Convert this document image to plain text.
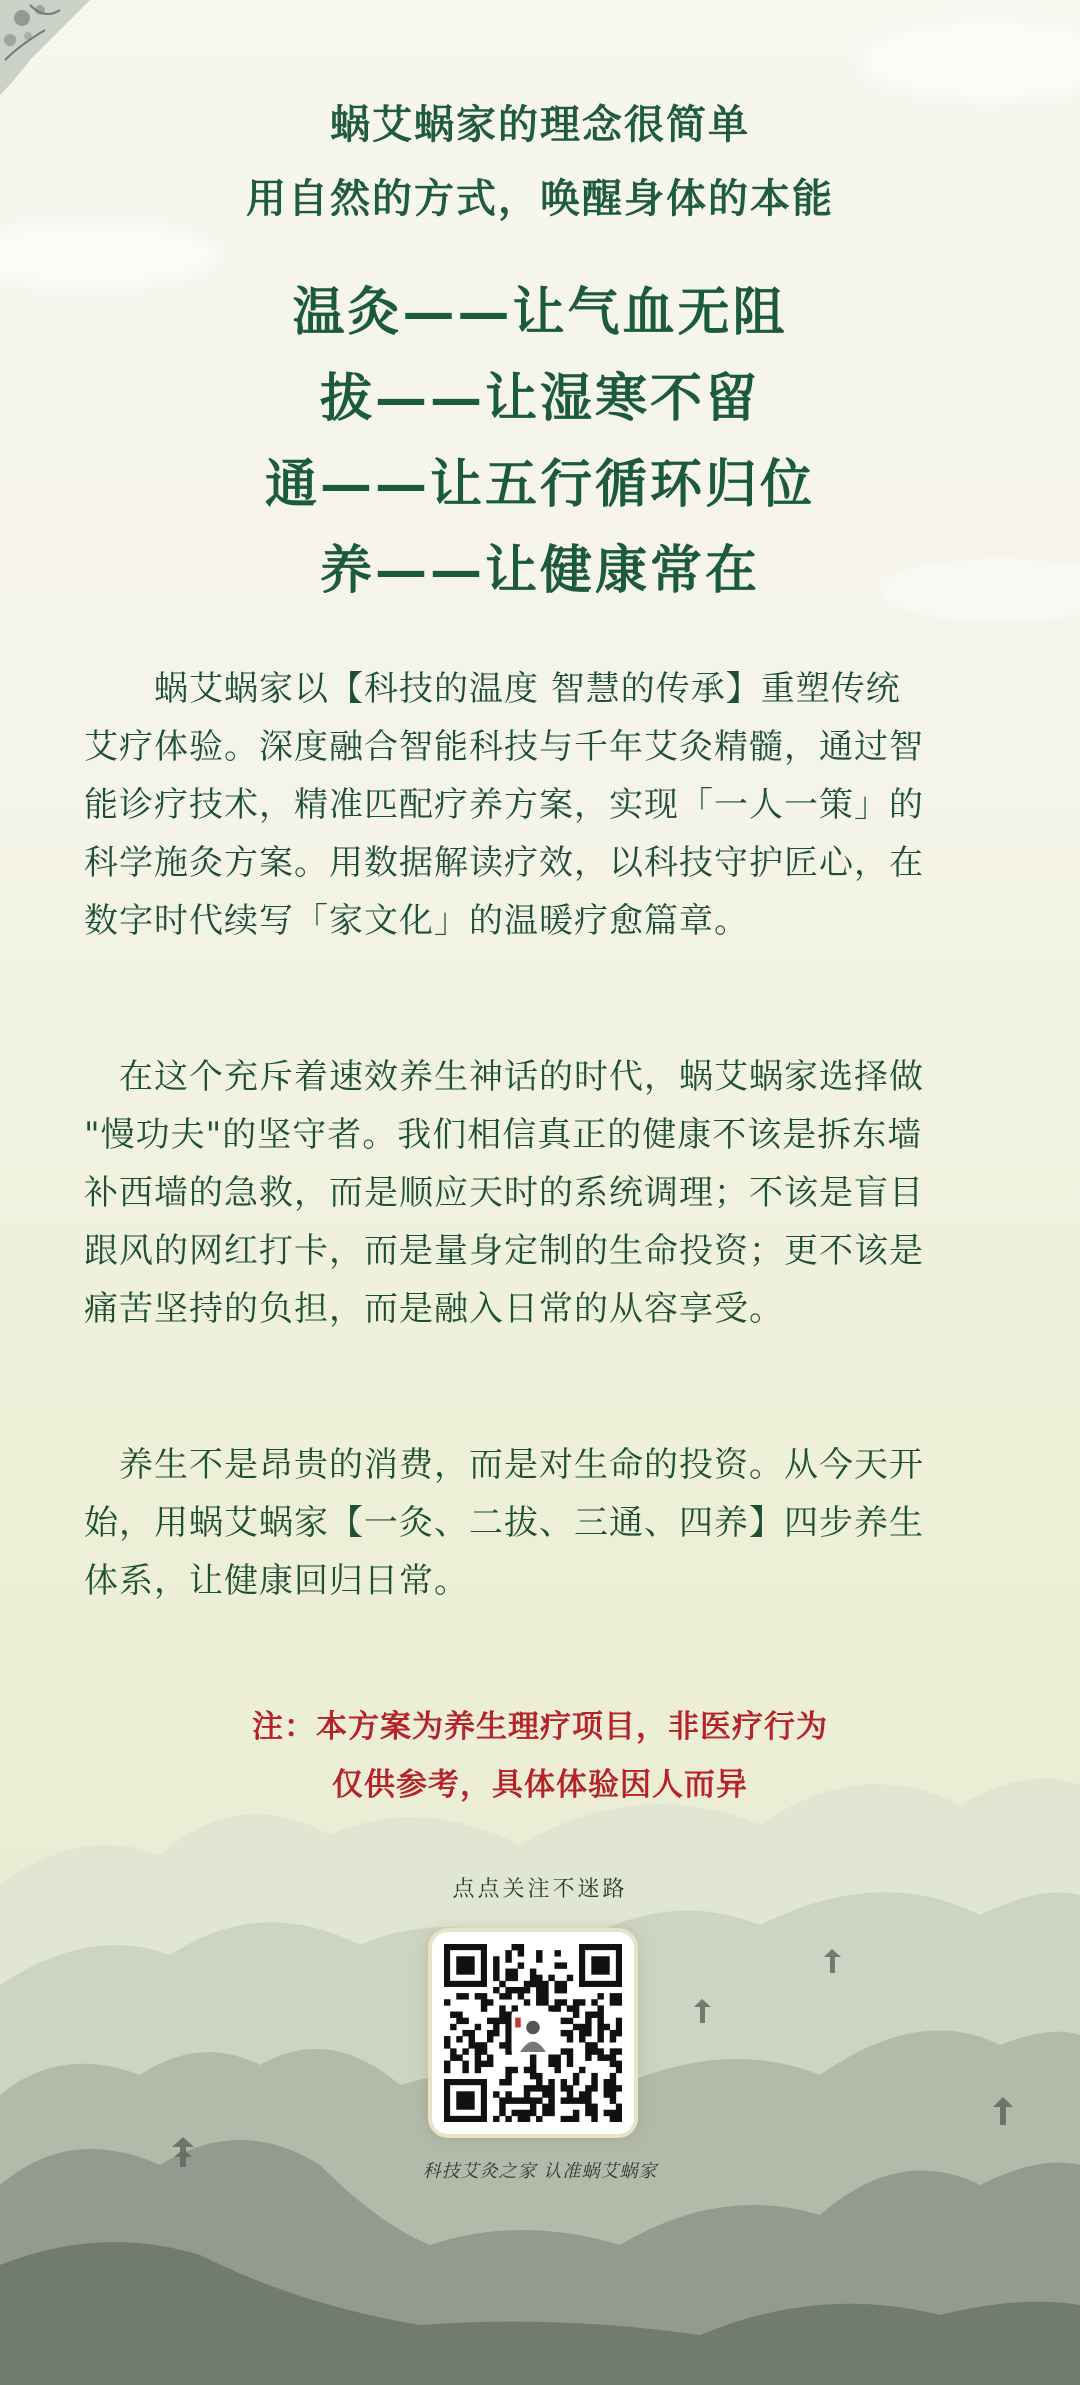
蜗艾蜗家的理念很简单
用自然的方式，唤醒身体的本能
温灸——让气血无阻
拔——让湿寒不留
通——让五行循环归位
养——让健康常在
　　蜗艾蜗家以【科技的温度 智慧的传承】重塑传统
艾疗体验。深度融合智能科技与千年艾灸精髓，通过智
能诊疗技术，精准匹配疗养方案，实现「一人一策」的
科学施灸方案。用数据解读疗效，以科技守护匠心，在
数字时代续写「家文化」的温暖疗愈篇章。
　在这个充斥着速效养生神话的时代，蜗艾蜗家选择做
"慢功夫"的坚守者。我们相信真正的健康不该是拆东墙
补西墙的急救，而是顺应天时的系统调理；不该是盲目
跟风的网红打卡，而是量身定制的生命投资；更不该是
痛苦坚持的负担，而是融入日常的从容享受。
　养生不是昂贵的消费，而是对生命的投资。从今天开
始，用蜗艾蜗家【一灸、二拔、三通、四养】四步养生
体系，让健康回归日常。
注：本方案为养生理疗项目，非医疗行为
仅供参考，具体体验因人而异
点点关注不迷路
科技艾灸之家 认准蜗艾蜗家
